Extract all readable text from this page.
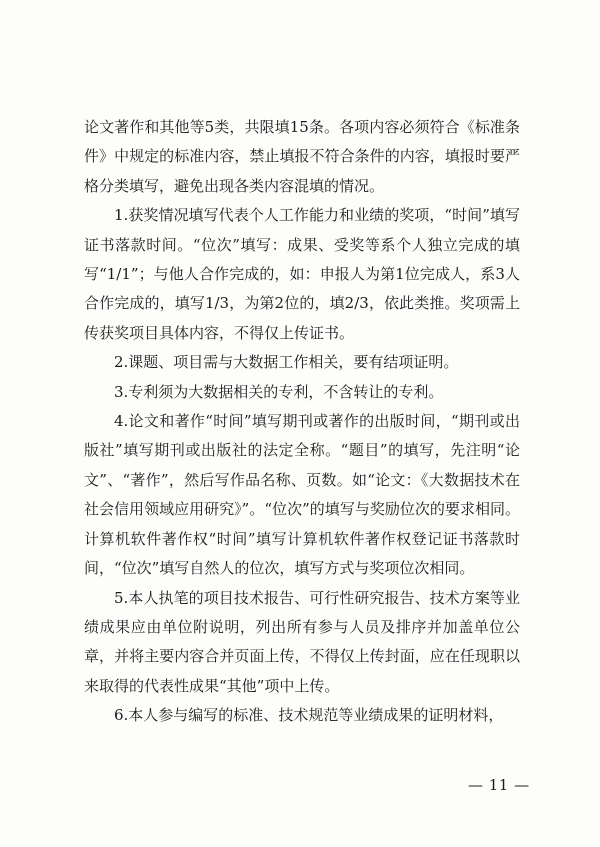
论文著作和其他等5类，共限填15条。各项内容必须符合《标准条件》中规定的标准内容，禁止填报不符合条件的内容，填报时要严格分类填写，避免出现各类内容混填的情况。

1.获奖情况填写代表个人工作能力和业绩的奖项，“时间”填写证书落款时间。“位次”填写：成果、受奖等系个人独立完成的填写“1/1”；与他人合作完成的，如：申报人为第1位完成人，系3人合作完成的，填写1/3，为第2位的，填2/3，依此类推。奖项需上传获奖项目具体内容，不得仅上传证书。

2.课题、项目需与大数据工作相关，要有结项证明。

3.专利须为大数据相关的专利，不含转让的专利。

4.论文和著作“时间”填写期刊或著作的出版时间，“期刊或出版社”填写期刊或出版社的法定全称。“题目”的填写，先注明“论文”、“著作”，然后写作品名称、页数。如“论文：《大数据技术在社会信用领域应用研究》”。“位次”的填写与奖励位次的要求相同。计算机软件著作权“时间”填写计算机软件著作权登记证书落款时间，“位次”填写自然人的位次，填写方式与奖项位次相同。

5.本人执笔的项目技术报告、可行性研究报告、技术方案等业绩成果应由单位附说明，列出所有参与人员及排序并加盖单位公章，并将主要内容合并页面上传，不得仅上传封面，应在任现职以来取得的代表性成果“其他”项中上传。

6.本人参与编写的标准、技术规范等业绩成果的证明材料，

— 11 —
